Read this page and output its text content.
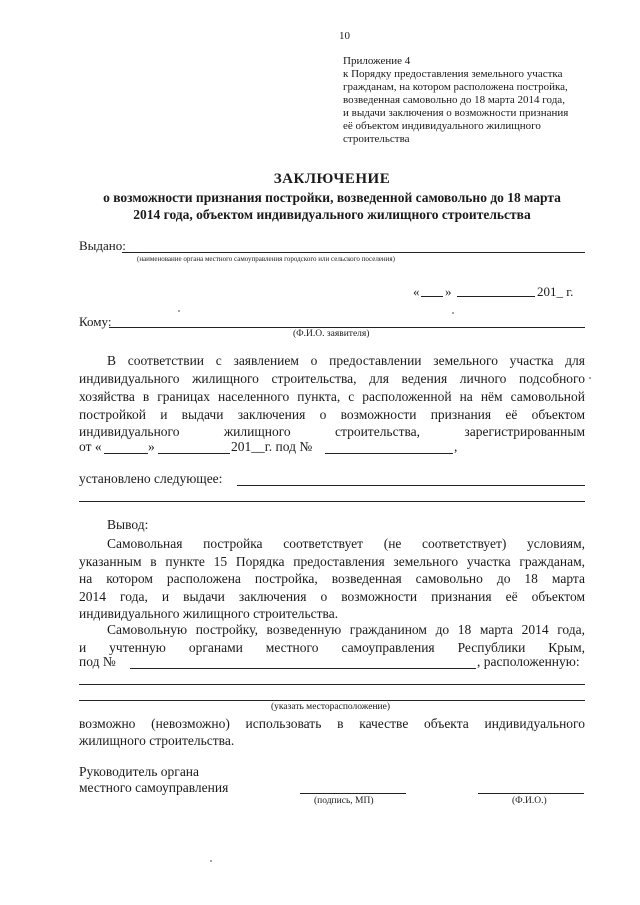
10
Приложение 4
к Порядку предоставления земельного участка
гражданам, на котором расположена постройка,
возведенная самовольно до 18 марта 2014 года,
и выдачи заключения о возможности признания
её объектом индивидуального жилищного
строительства
ЗАКЛЮЧЕНИЕ
о возможности признания постройки, возведенной самовольно до 18 марта
2014 года, объектом индивидуального жилищного строительства
Выдано:
(наименование органа местного самоуправления городского или сельского поселения)
« »	201_ г.
Кому:
(Ф.И.О. заявителя)
В соответствии с заявлением о предоставлении земельного участка для
индивидуального жилищного строительства, для ведения личного подсобного
хозяйства в границах населенного пункта, с расположенной на нём самовольной
постройкой и выдачи заключения о возможности признания её объектом
индивидуального жилищного строительства, зарегистрированным
от «	»	201__г. под №	,
установлено следующее:
Вывод:
Самовольная постройка соответствует (не соответствует) условиям,
указанным в пункте 15 Порядка предоставления земельного участка гражданам,
на котором расположена постройка, возведенная самовольно до 18 марта
2014 года, и выдачи заключения о возможности признания её объектом
индивидуального жилищного строительства.
Самовольную постройку, возведенную гражданином до 18 марта 2014 года,
и учтенную органами местного самоуправления Республики Крым,
под №	, расположенную:
(указать месторасположение)
возможно (невозможно) использовать в качестве объекта индивидуального
жилищного строительства.
Руководитель органа
местного самоуправления
(подпись, МП)	(Ф.И.О.)
